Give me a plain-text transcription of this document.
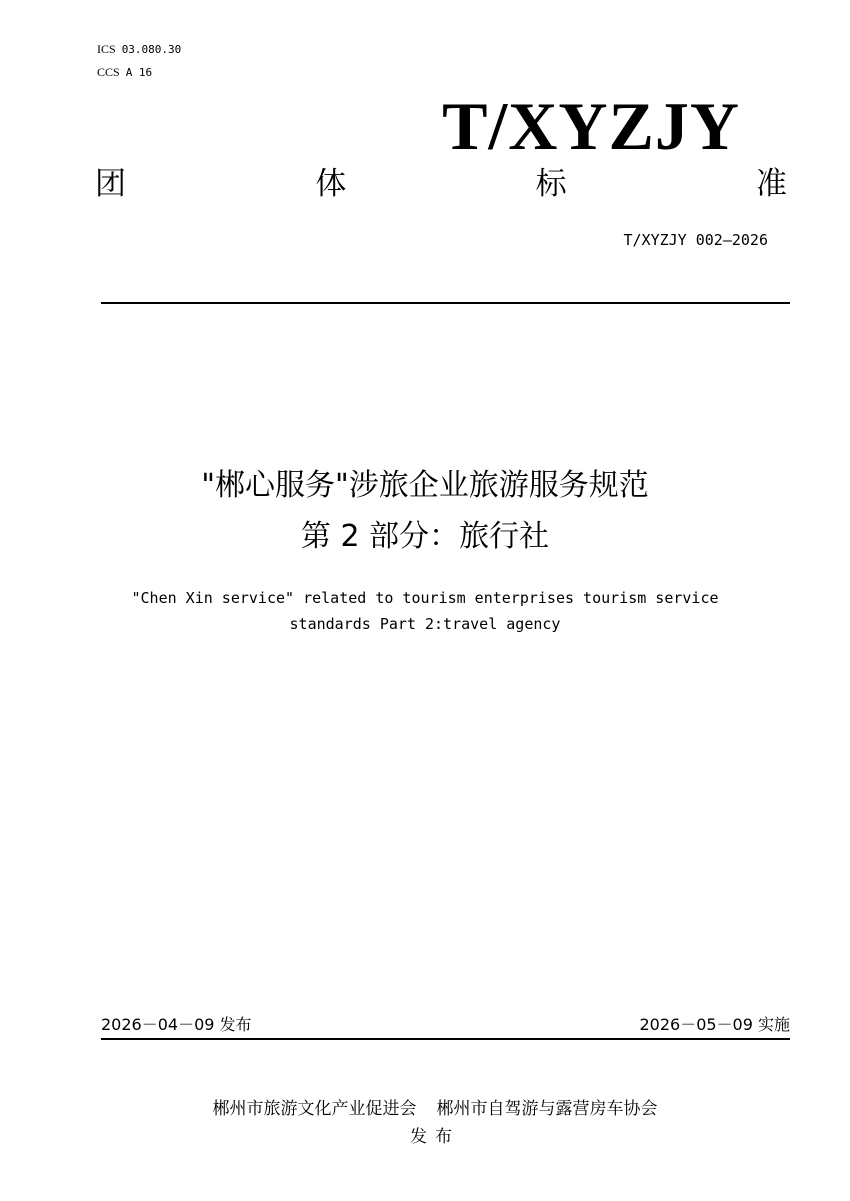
ICS 03.080.30
CCS A 16
T/XYZJY
团	体	标	准
T/XYZJY 002—2026
"郴心服务"涉旅企业旅游服务规范
第 2 部分：旅行社
"Chen Xin service" related to tourism enterprises tourism service
standards Part 2:travel agency
2026－04－09 发布	2026－05－09 实施
郴州市旅游文化产业促进会 郴州市自驾游与露营房车协会
发布
